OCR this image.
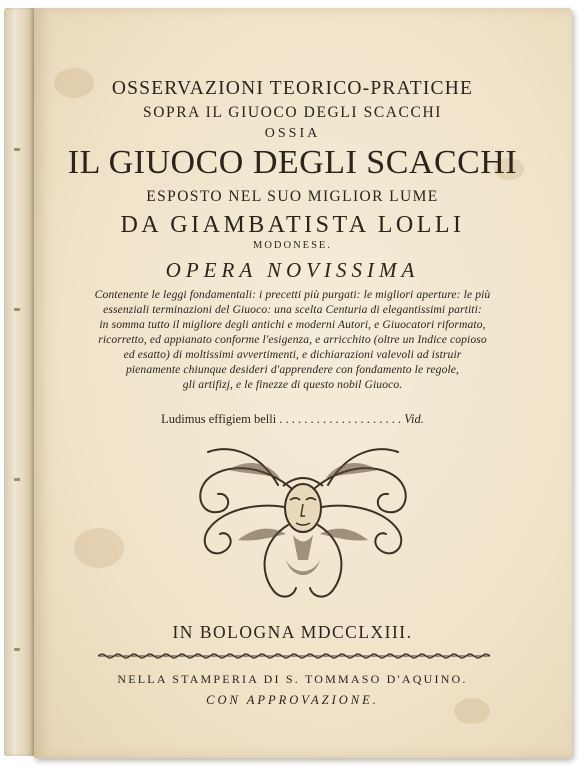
OSSERVAZIONI TEORICO-PRATICHE
SOPRA IL GIUOCO DEGLI SCACCHI
OSSIA
IL GIUOCO DEGLI SCACCHI
ESPOSTO NEL SUO MIGLIOR LUME
DA GIAMBATISTA LOLLI
MODONESE.
OPERA NOVISSIMA
Contenente le leggi fondamentali: i precetti più purgati: le migliori aperture: le più
essenziali terminazioni del Giuoco: una scelta Centuria di elegantissimi partiti:
in somma tutto il migliore degli antichi e moderni Autori, e Giuocatori riformato,
ricorretto, ed appianato conforme l'esigenza, e arricchito (oltre un Indice copioso
ed esatto) di moltissimi avvertimenti, e dichiarazioni valevoli ad istruir
pienamente chiunque desideri d'apprendere con fondamento le regole,
gli artifizj, e le finezze di questo nobil Giuoco.
Ludimus effigiem belli . . . . . . . . . . . . . . . . . . . . Vid.
IN BOLOGNA MDCCLXIII.
NELLA STAMPERIA DI S. TOMMASO D'AQUINO.
CON APPROVAZIONE.
